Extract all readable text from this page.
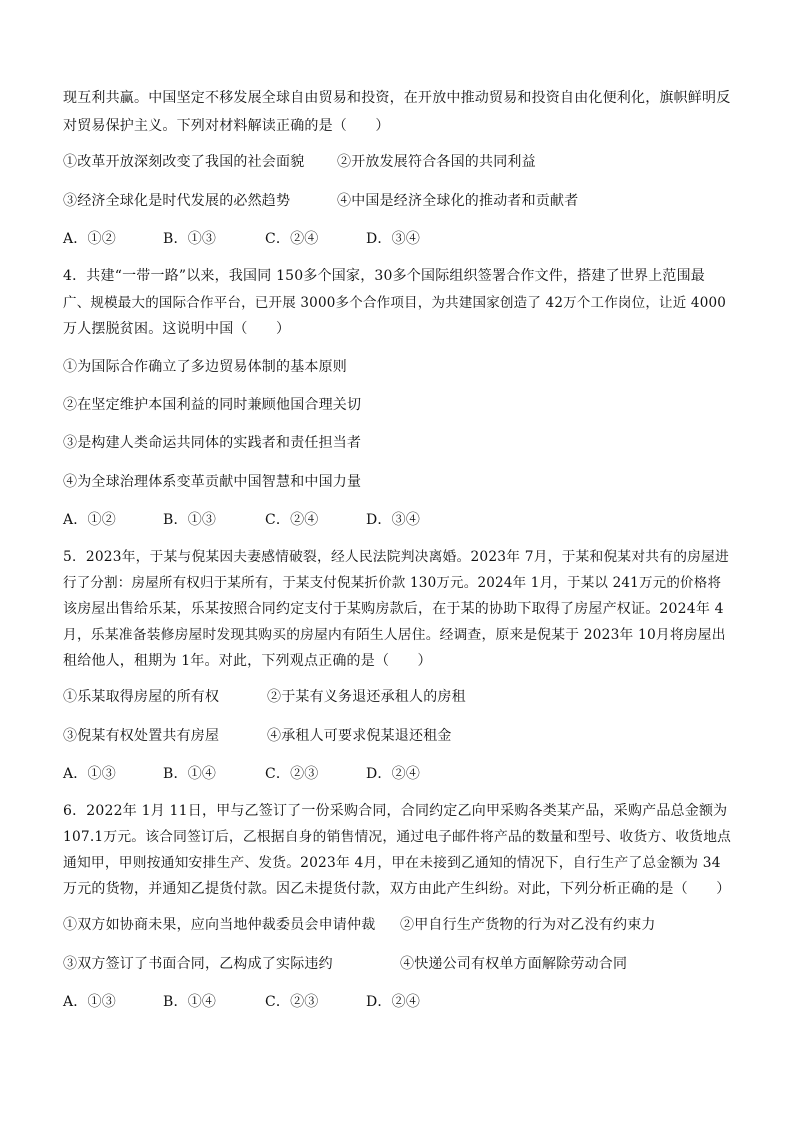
现互利共赢。中国坚定不移发展全球自由贸易和投资，在开放中推动贸易和投资自由化便利化，旗帜鲜明反
对贸易保护主义。下列对材料解读正确的是（　　）
①改革开放深刻改变了我国的社会面貌 ②开放发展符合各国的共同利益
③经济全球化是时代发展的必然趋势	④中国是经济全球化的推动者和贡献者
A．①②	B．①③	C．②④	D．③④
4．共建“一带一路”以来，我国同 150多个国家，30多个国际组织签署合作文件，搭建了世界上范围最
广、规模最大的国际合作平台，已开展 3000多个合作项目，为共建国家创造了 42万个工作岗位，让近 4000
万人摆脱贫困。这说明中国（　　）
①为国际合作确立了多边贸易体制的基本原则
②在坚定维护本国利益的同时兼顾他国合理关切
③是构建人类命运共同体的实践者和责任担当者
④为全球治理体系变革贡献中国智慧和中国力量
A．①②	B．①③	C．②④	D．③④
5．2023年，于某与倪某因夫妻感情破裂，经人民法院判决离婚。2023年 7月，于某和倪某对共有的房屋进
行了分割：房屋所有权归于某所有，于某支付倪某折价款 130万元。2024年 1月，于某以 241万元的价格将
该房屋出售给乐某，乐某按照合同约定支付于某购房款后，在于某的协助下取得了房屋产权证。2024年 4
月，乐某准备装修房屋时发现其购买的房屋内有陌生人居住。经调查，原来是倪某于 2023年 10月将房屋出
租给他人，租期为 1年。对此，下列观点正确的是（　　）
①乐某取得房屋的所有权	②于某有义务退还承租人的房租
③倪某有权处置共有房屋	④承租人可要求倪某退还租金
A．①③	B．①④	C．②③	D．②④
6．2022年 1月 11日，甲与乙签订了一份采购合同，合同约定乙向甲采购各类某产品，采购产品总金额为
107.1万元。该合同签订后，乙根据自身的销售情况，通过电子邮件将产品的数量和型号、收货方、收货地点
通知甲，甲则按通知安排生产、发货。2023年 4月，甲在未接到乙通知的情况下，自行生产了总金额为 34
万元的货物，并通知乙提货付款。因乙未提货付款，双方由此产生纠纷。对此，下列分析正确的是（　　）
①双方如协商未果，应向当地仲裁委员会申请仲裁 ②甲自行生产货物的行为对乙没有约束力
③双方签订了书面合同，乙构成了实际违约	④快递公司有权单方面解除劳动合同
A．①③	B．①④	C．②③	D．②④
